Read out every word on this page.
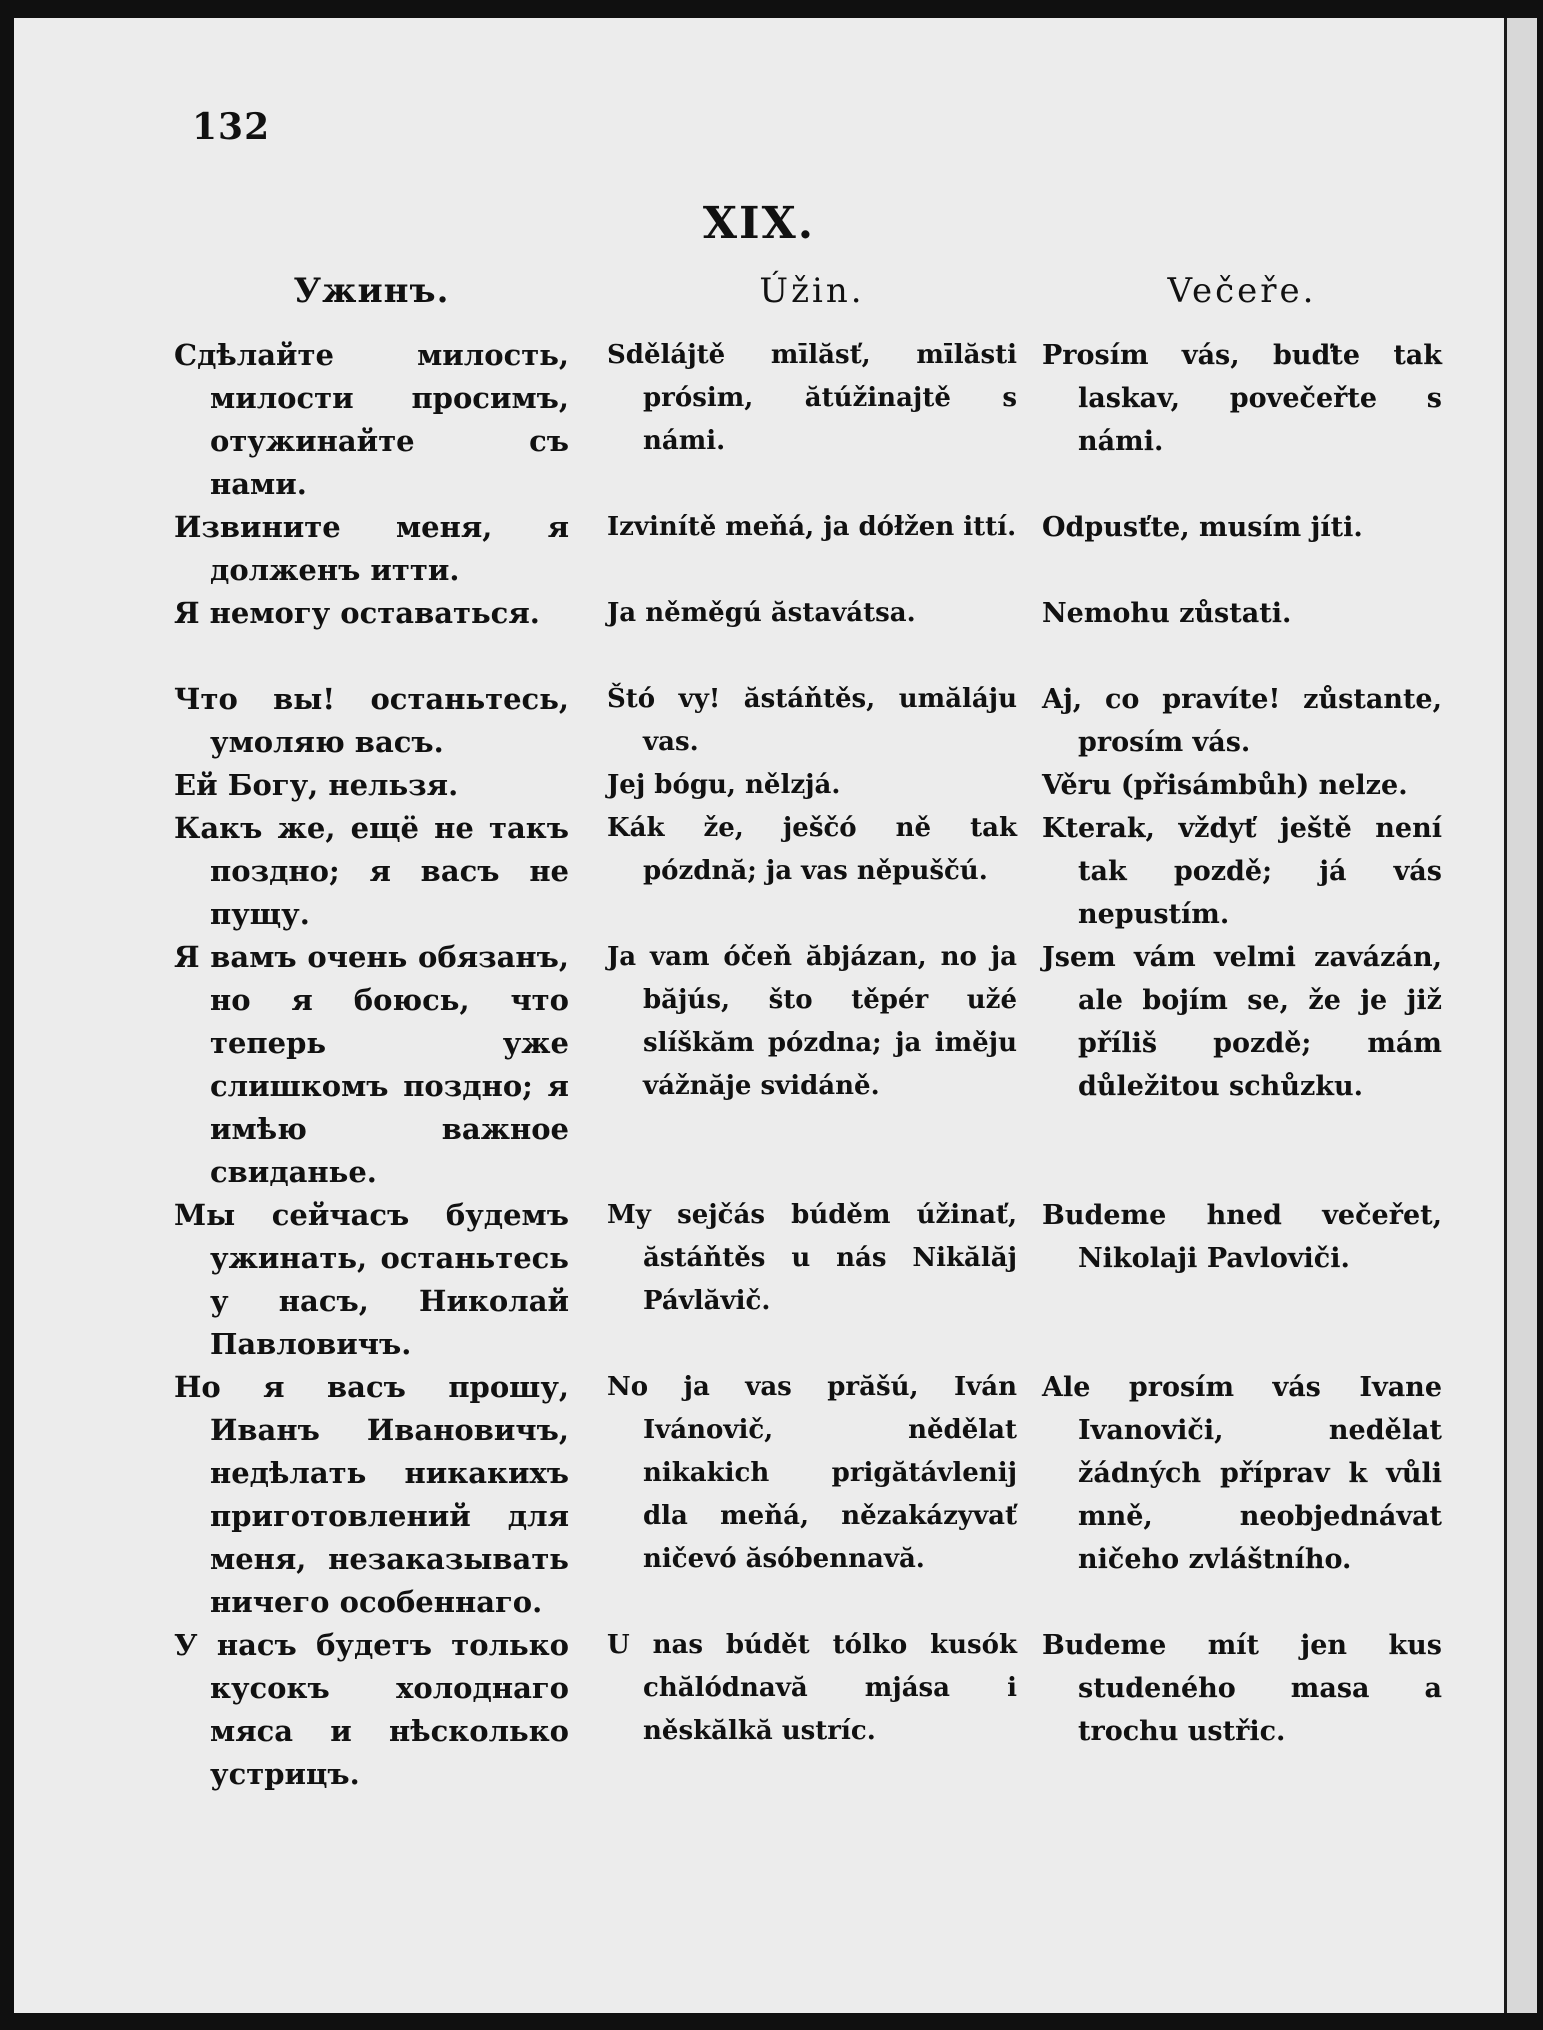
132
XIX.
Ужинъ.
Сдѣлайте милость, милости просимъ, отужинайте съ нами.
Извините меня, я долженъ итти.
Я немогу оставаться.
Что вы! останьтесь, умоляю васъ.
Ей Богу, нельзя.
Какъ же, ещё не такъ поздно; я васъ не пущу.
Я вамъ очень обязанъ, но я боюсь, что теперь уже слишкомъ поздно; я имѣю важное свиданье.
Мы сейчасъ будемъ ужинать, останьтесь у насъ, Николай Павловичъ.
Но я васъ прошу, Иванъ Ивановичъ, недѣлать никакихъ приготовлений для меня, незаказывать ничего особеннаго.
У насъ будетъ только кусокъ холоднаго мяса и нѣсколько устрицъ.
Úžin.
Sdělájtě mīlăsť, mīlăsti prósim, ătúžinajtě s námi.
Izvinítě meňá, ja dółžen ittí.
Ja něměgú ăstavátsa.
Štó vy! ăstáňtěs, umăláju vas.
Jej bógu, nělzjá.
Kák že, ješčó ně tak pózdnă; ja vas něpuščú.
Ja vam óčeň ăbjázan, no ja băjús, što těpér užé slíškăm pózdna; ja iměju vážnăje svidáně.
My sejčás búděm úžinať, ăstáňtěs u nás Nikălăj Pávlăvič.
No ja vas prăšú, Iván Ivánovič, nědělat nikakich prigătávlenij dla meňá, nězakázyvať ničevó ăsóbennavă.
U nas búdět tólko kusók chălódnavă mjása i něskălkă ustríc.
Večeře.
Prosím vás, buďte tak laskav, povečeřte s námi.
Odpusťte, musím jíti.
Nemohu zůstati.
Aj, co pravíte! zůstante, prosím vás.
Věru (přisámbůh) nelze.
Kterak, vždyť ještě není tak pozdě; já vás nepustím.
Jsem vám velmi zavázán, ale bojím se, že je již příliš pozdě; mám důležitou schůzku.
Budeme hned večeřet, Nikolaji Pavloviči.
Ale prosím vás Ivane Ivanoviči, nedělat žádných příprav k vůli mně, neobjednávat ničeho zvláštního.
Budeme mít jen kus studeného masa a trochu ustřic.
